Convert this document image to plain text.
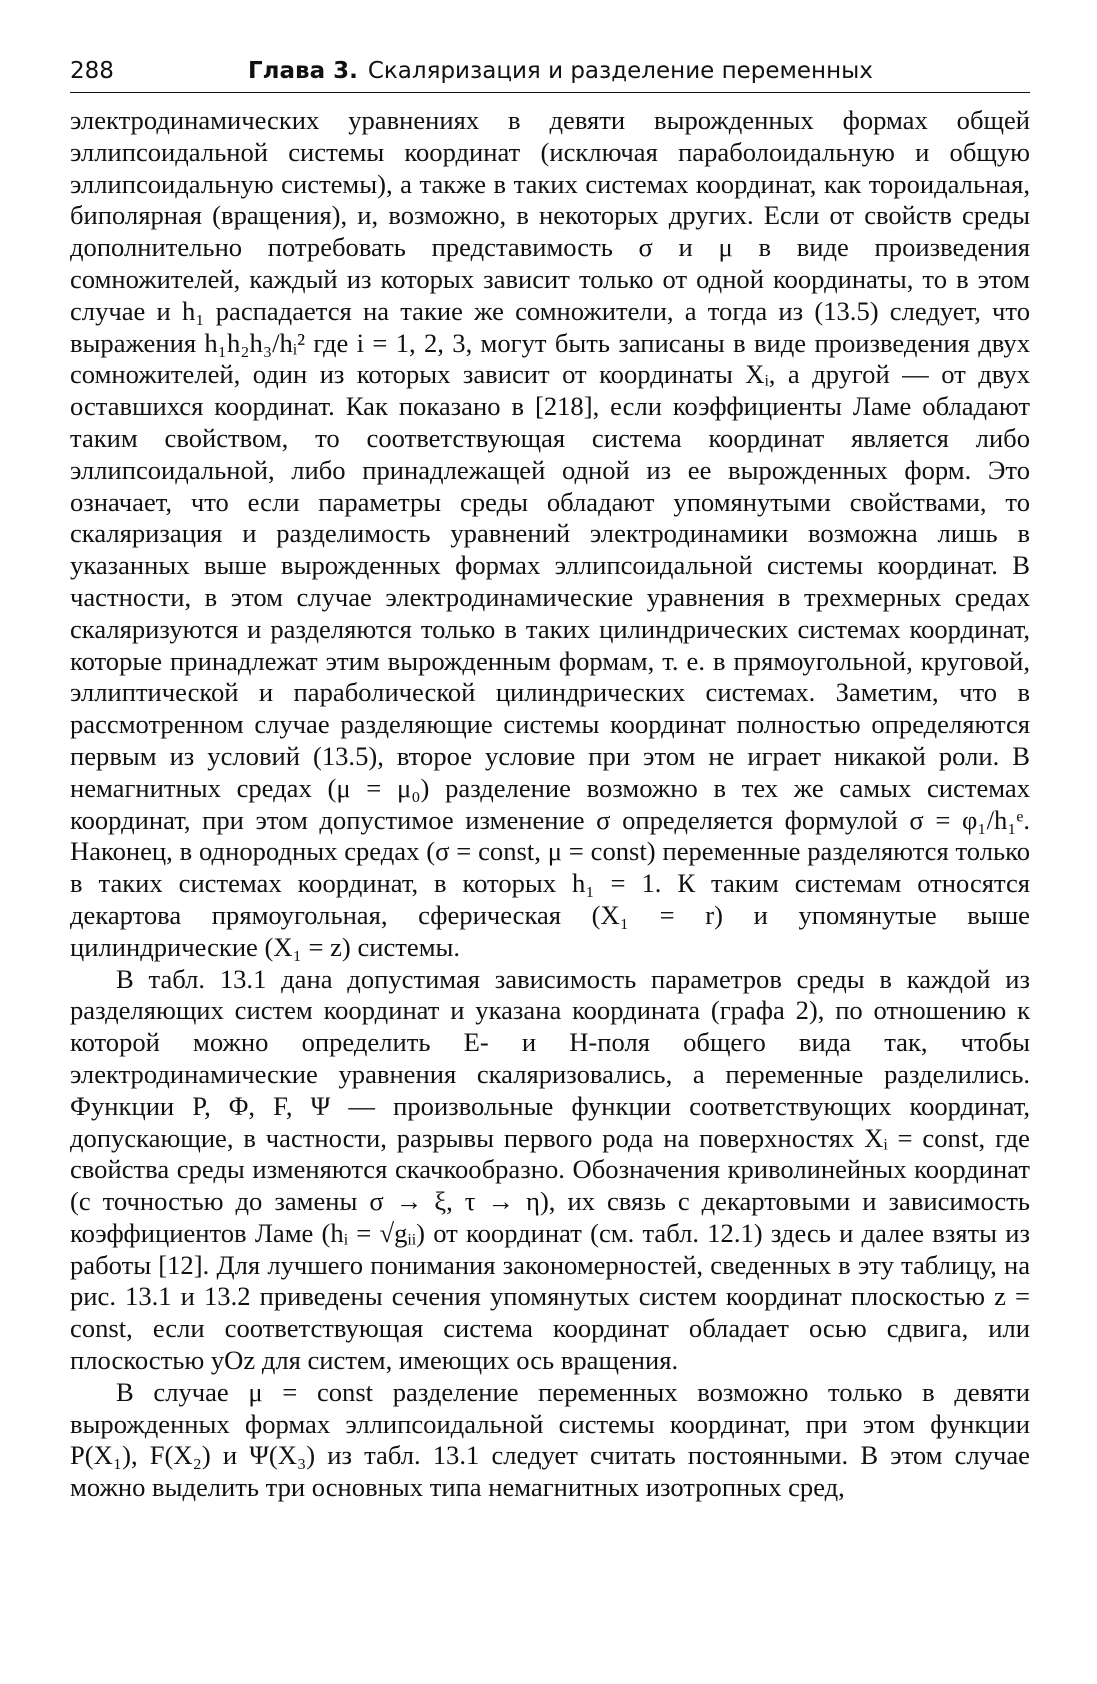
288	Глава 3. Скаляризация и разделение переменных

электродинамических уравнениях в девяти вырожденных формах общей эллипсоидальной системы координат (исключая параболоидальную и общую эллипсоидальную системы), а также в таких системах координат, как тороидальная, биполярная (вращения), и, возможно, в некоторых других. Если от свойств среды дополнительно потребовать представимость σ и μ в виде произведения сомножителей, каждый из которых зависит только от одной координаты, то в этом случае и h₁ распадается на такие же сомножители, а тогда из (13.5) следует, что выражения h₁h₂h₃/hᵢ² где i = 1, 2, 3, могут быть записаны в виде произведения двух сомножителей, один из которых зависит от координаты Xᵢ, а другой — от двух оставшихся координат. Как показано в [218], если коэффициенты Ламе обладают таким свойством, то соответствующая система координат является либо эллипсоидальной, либо принадлежащей одной из ее вырожденных форм. Это означает, что если параметры среды обладают упомянутыми свойствами, то скаляризация и разделимость уравнений электродинамики возможна лишь в указанных выше вырожденных формах эллипсоидальной системы координат. В частности, в этом случае электродинамические уравнения в трехмерных средах скаляризуются и разделяются только в таких цилиндрических системах координат, которые принадлежат этим вырожденным формам, т. е. в прямоугольной, круговой, эллиптической и параболической цилиндрических системах. Заметим, что в рассмотренном случае разделяющие системы координат полностью определяются первым из условий (13.5), второе условие при этом не играет никакой роли. В немагнитных средах (μ = μ₀) разделение возможно в тех же самых системах координат, при этом допустимое изменение σ определяется формулой σ = φ₁/h₁ᵉ. Наконец, в однородных средах (σ = const, μ = const) переменные разделяются только в таких системах координат, в которых h₁ = 1. К таким системам относятся декартова прямоугольная, сферическая (X₁ = r) и упомянутые выше цилиндрические (X₁ = z) системы.

В табл. 13.1 дана допустимая зависимость параметров среды в каждой из разделяющих систем координат и указана координата (графа 2), по отношению к которой можно определить E- и H-поля общего вида так, чтобы электродинамические уравнения скаляризовались, а переменные разделились. Функции P, Φ, F, Ψ — произвольные функции соответствующих координат, допускающие, в частности, разрывы первого рода на поверхностях Xᵢ = const, где свойства среды изменяются скачкообразно. Обозначения криволинейных координат (с точностью до замены σ → ξ, τ → η), их связь с декартовыми и зависимость коэффициентов Ламе (hᵢ = √gᵢᵢ) от координат (см. табл. 12.1) здесь и далее взяты из работы [12]. Для лучшего понимания закономерностей, сведенных в эту таблицу, на рис. 13.1 и 13.2 приведены сечения упомянутых систем координат плоскостью z = const, если соответствующая система координат обладает осью сдвига, или плоскостью yOz для систем, имеющих ось вращения.

В случае μ = const разделение переменных возможно только в девяти вырожденных формах эллипсоидальной системы координат, при этом функции P(X₁), F(X₂) и Ψ(X₃) из табл. 13.1 следует считать постоянными. В этом случае можно выделить три основных типа немагнитных изотропных сред,
